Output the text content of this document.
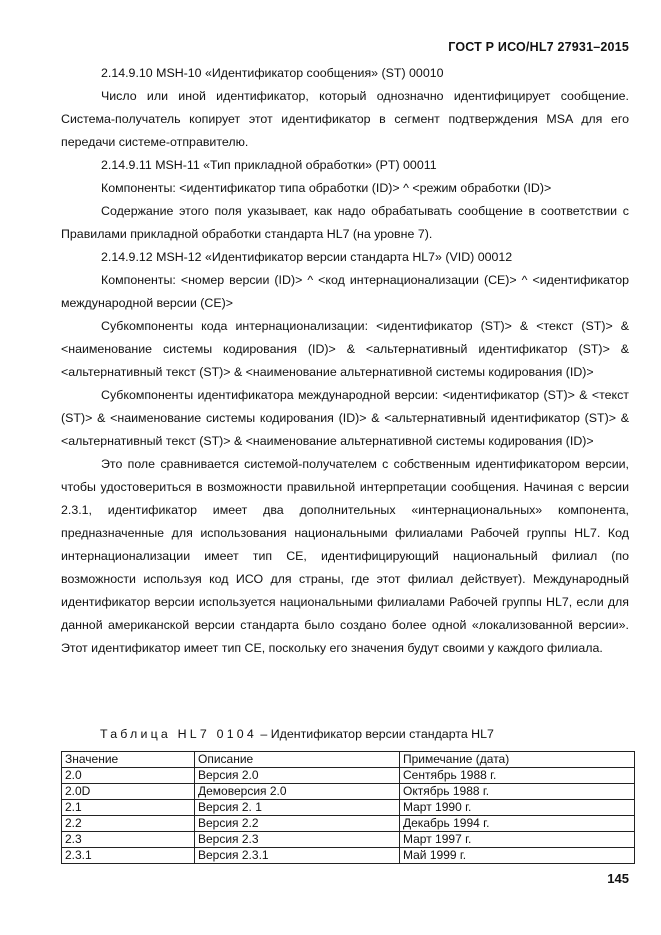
ГОСТ Р ИСО/HL7 27931–2015

2.14.9.10 MSH-10 «Идентификатор сообщения» (ST) 00010

Число или иной идентификатор, который однозначно идентифицирует сообщение. Система-получатель копирует этот идентификатор в сегмент подтверждения MSA для его передачи системе-отправителю.

2.14.9.11 MSH-11 «Тип прикладной обработки» (PT) 00011

Компоненты: <идентификатор типа обработки (ID)> ^ <режим обработки (ID)>

Содержание этого поля указывает, как надо обрабатывать сообщение в соответствии с Правилами прикладной обработки стандарта HL7 (на уровне 7).

2.14.9.12 MSH-12 «Идентификатор версии стандарта HL7» (VID) 00012

Компоненты: <номер версии (ID)> ^ <код интернационализации (CE)> ^ <идентификатор международной версии (CE)>

Субкомпоненты кода интернационализации: <идентификатор (ST)> & <текст (ST)> & <наименование системы кодирования (ID)> & <альтернативный идентификатор (ST)> & <альтернативный текст (ST)> & <наименование альтернативной системы кодирования (ID)>

Субкомпоненты идентификатора международной версии: <идентификатор (ST)> & <текст (ST)> & <наименование системы кодирования (ID)> & <альтернативный идентификатор (ST)> & <альтернативный текст (ST)> & <наименование альтернативной системы кодирования (ID)>

Это поле сравнивается системой-получателем с собственным идентификатором версии, чтобы удостовериться в возможности правильной интерпретации сообщения. Начиная с версии 2.3.1, идентификатор имеет два дополнительных «интернациональных» компонента, предназначенные для использования национальными филиалами Рабочей группы HL7. Код интернационализации имеет тип CE, идентифицирующий национальный филиал (по возможности используя код ИСО для страны, где этот филиал действует). Международный идентификатор версии используется национальными филиалами Рабочей группы HL7, если для данной американской версии стандарта было создано более одной «локализованной версии». Этот идентификатор имеет тип CE, поскольку его значения будут своими у каждого филиала.

Таблица HL7 0104 – Идентификатор версии стандарта HL7
Значение	Описание	Примечание (дата)
2.0	Версия 2.0	Сентябрь 1988 г.
2.0D	Демоверсия 2.0	Октябрь 1988 г.
2.1	Версия 2. 1	Март 1990 г.
2.2	Версия 2.2	Декабрь 1994 г.
2.3	Версия 2.3	Март 1997 г.
2.3.1	Версия 2.3.1	Май 1999 г.
145
